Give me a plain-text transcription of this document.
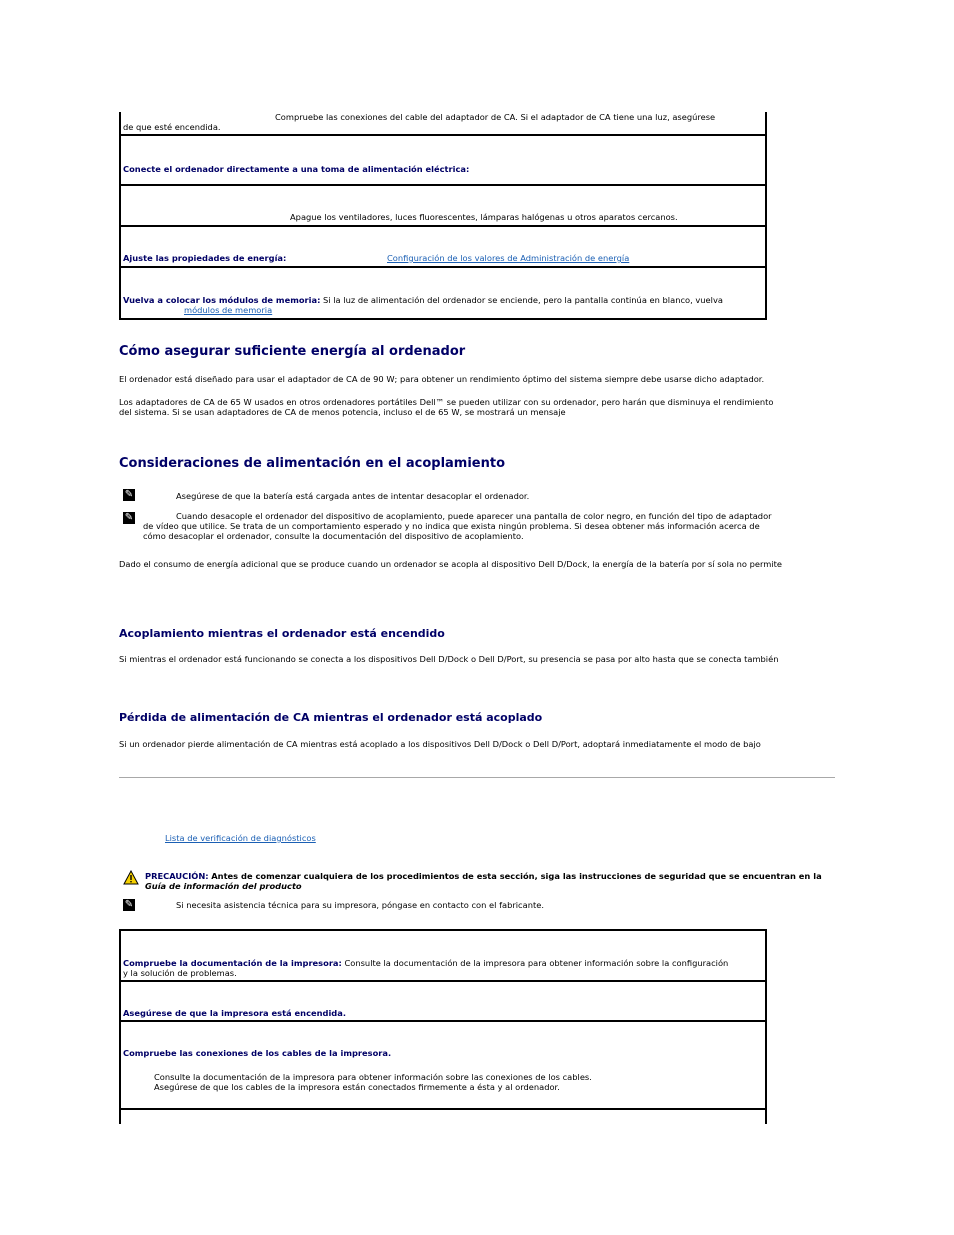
Compruebe las conexiones del cable del adaptador de CA. Si el adaptador de CA tiene una luz, asegúrese
de que esté encendida.
Conecte el ordenador directamente a una toma de alimentación eléctrica:
Apague los ventiladores, luces fluorescentes, lámparas halógenas u otros aparatos cercanos.
Ajuste las propiedades de energía:	Configuración de los valores de Administración de energía
Vuelva a colocar los módulos de memoria: Si la luz de alimentación del ordenador se enciende, pero la pantalla continúa en blanco, vuelva
módulos de memoria
Cómo asegurar suficiente energía al ordenador
El ordenador está diseñado para usar el adaptador de CA de 90 W; para obtener un rendimiento óptimo del sistema siempre debe usarse dicho adaptador.
Los adaptadores de CA de 65 W usados en otros ordenadores portátiles Dell™ se pueden utilizar con su ordenador, pero harán que disminuya el rendimiento
del sistema. Si se usan adaptadores de CA de menos potencia, incluso el de 65 W, se mostrará un mensaje
Consideraciones de alimentación en el acoplamiento
✎	Asegúrese de que la batería está cargada antes de intentar desacoplar el ordenador.
✎	Cuando desacople el ordenador del dispositivo de acoplamiento, puede aparecer una pantalla de color negro, en función del tipo de adaptador
de vídeo que utilice. Se trata de un comportamiento esperado y no indica que exista ningún problema. Si desea obtener más información acerca de
cómo desacoplar el ordenador, consulte la documentación del dispositivo de acoplamiento.
Dado el consumo de energía adicional que se produce cuando un ordenador se acopla al dispositivo Dell D/Dock, la energía de la batería por sí sola no permite
Acoplamiento mientras el ordenador está encendido
Si mientras el ordenador está funcionando se conecta a los dispositivos Dell D/Dock o Dell D/Port, su presencia se pasa por alto hasta que se conecta también
Pérdida de alimentación de CA mientras el ordenador está acoplado
Si un ordenador pierde alimentación de CA mientras está acoplado a los dispositivos Dell D/Dock o Dell D/Port, adoptará inmediatamente el modo de bajo
Lista de verificación de diagnósticos
PRECAUCIÓN: Antes de comenzar cualquiera de los procedimientos de esta sección, siga las instrucciones de seguridad que se encuentran en la
Guía de información del producto
✎	Si necesita asistencia técnica para su impresora, póngase en contacto con el fabricante.
Compruebe la documentación de la impresora: Consulte la documentación de la impresora para obtener información sobre la configuración
y la solución de problemas.
Asegúrese de que la impresora está encendida.
Compruebe las conexiones de los cables de la impresora.
Consulte la documentación de la impresora para obtener información sobre las conexiones de los cables.
Asegúrese de que los cables de la impresora están conectados firmemente a ésta y al ordenador.
